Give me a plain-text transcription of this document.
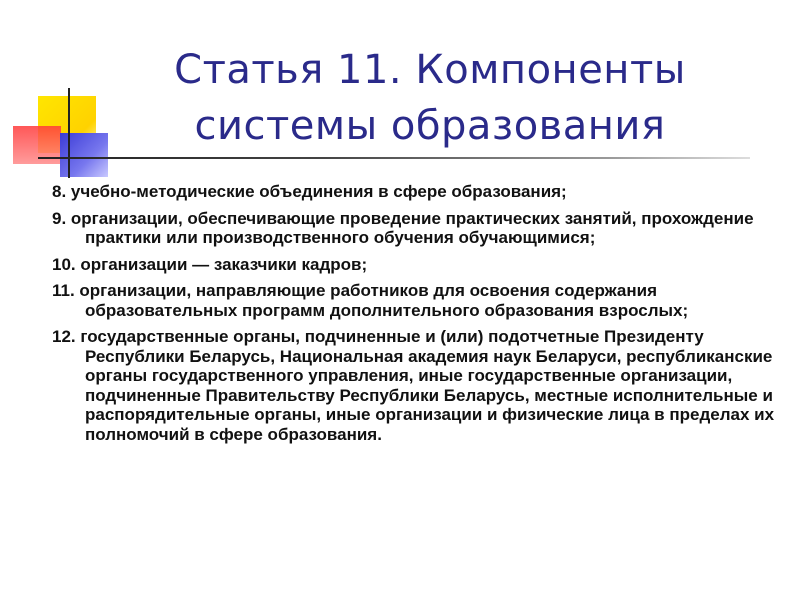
Статья 11. Компоненты
системы образования
8. учебно-методические объединения в сфере образования;
9. организации, обеспечивающие проведение практических занятий, прохождение практики или производственного обучения обучающимися;
10. организации — заказчики кадров;
11. организации, направляющие работников для освоения содержания образовательных программ дополнительного образования взрослых;
12. государственные органы, подчиненные и (или) подотчетные Президенту Республики Беларусь, Национальная академия наук Беларуси, республиканские органы государственного управления, иные государственные организации, подчиненные Правительству Республики Беларусь, местные исполнительные и распорядительные органы, иные организации и физические лица в пределах их полномочий в сфере образования.
